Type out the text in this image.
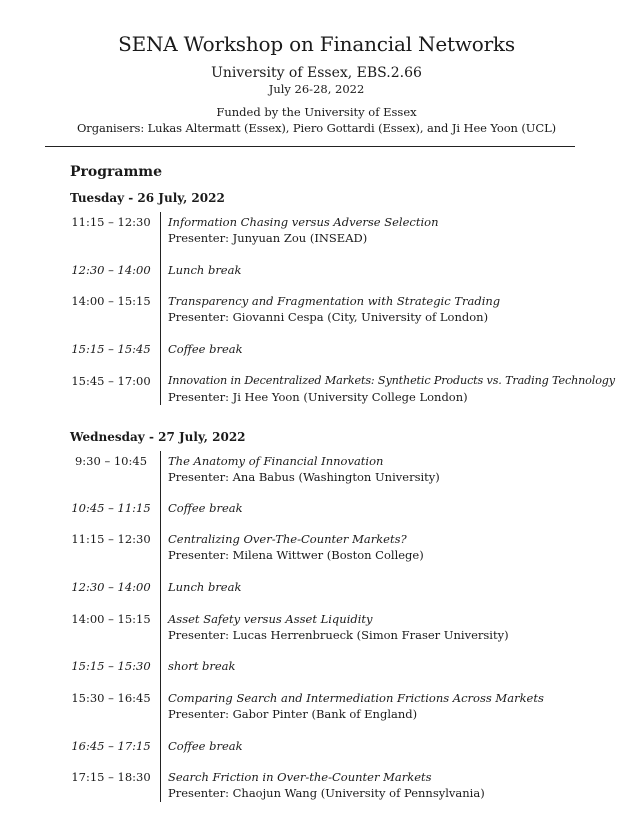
SENA Workshop on Financial Networks
University of Essex, EBS.2.66
July 26-28, 2022
Funded by the University of Essex
Organisers: Lukas Altermatt (Essex), Piero Gottardi (Essex), and Ji Hee Yoon (UCL)
Programme
Tuesday - 26 July, 2022
11:15 – 12:30 Information Chasing versus Adverse Selection
Presenter: Junyuan Zou (INSEAD)
12:30 – 14:00 Lunch break
14:00 – 15:15 Transparency and Fragmentation with Strategic Trading
Presenter: Giovanni Cespa (City, University of London)
15:15 – 15:45 Coffee break
15:45 – 17:00 Innovation in Decentralized Markets: Synthetic Products vs. Trading Technology
Presenter: Ji Hee Yoon (University College London)
Wednesday - 27 July, 2022
9:30 – 10:45	The Anatomy of Financial Innovation
Presenter: Ana Babus (Washington University)
10:45 – 11:15 Coffee break
11:15 – 12:30 Centralizing Over-The-Counter Markets?
Presenter: Milena Wittwer (Boston College)
12:30 – 14:00 Lunch break
14:00 – 15:15 Asset Safety versus Asset Liquidity
Presenter: Lucas Herrenbrueck (Simon Fraser University)
15:15 – 15:30 short break
15:30 – 16:45 Comparing Search and Intermediation Frictions Across Markets
Presenter: Gabor Pinter (Bank of England)
16:45 – 17:15 Coffee break
17:15 – 18:30 Search Friction in Over-the-Counter Markets
Presenter: Chaojun Wang (University of Pennsylvania)
